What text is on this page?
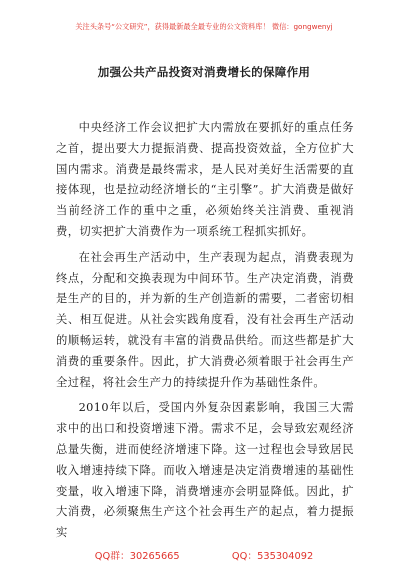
关注头条号“公文研究”，获得最新最全最专业的公文资料库！ 微信：gongwenyj
加强公共产品投资对消费增长的保障作用

中央经济工作会议把扩大内需放在要抓好的重点任务之首，提出要大力提振消费、提高投资效益，全方位扩大国内需求。消费是最终需求，是人民对美好生活需要的直接体现，也是拉动经济增长的“主引擎”。扩大消费是做好当前经济工作的重中之重，必须始终关注消费、重视消费，切实把扩大消费作为一项系统工程抓实抓好。

在社会再生产活动中，生产表现为起点，消费表现为终点，分配和交换表现为中间环节。生产决定消费，消费是生产的目的，并为新的生产创造新的需要，二者密切相关、相互促进。从社会实践角度看，没有社会再生产活动的顺畅运转，就没有丰富的消费品供给。而这些都是扩大消费的重要条件。因此，扩大消费必须着眼于社会再生产全过程，将社会生产力的持续提升作为基础性条件。

2010年以后，受国内外复杂因素影响，我国三大需求中的出口和投资增速下滑。需求不足，会导致宏观经济总量失衡，进而使经济增速下降。这一过程也会导致居民收入增速持续下降。而收入增速是决定消费增速的基础性变量，收入增速下降，消费增速亦会明显降低。因此，扩大消费，必须聚焦生产这个社会再生产的起点，着力提振实

QQ群：30265665	QQ：535304092
